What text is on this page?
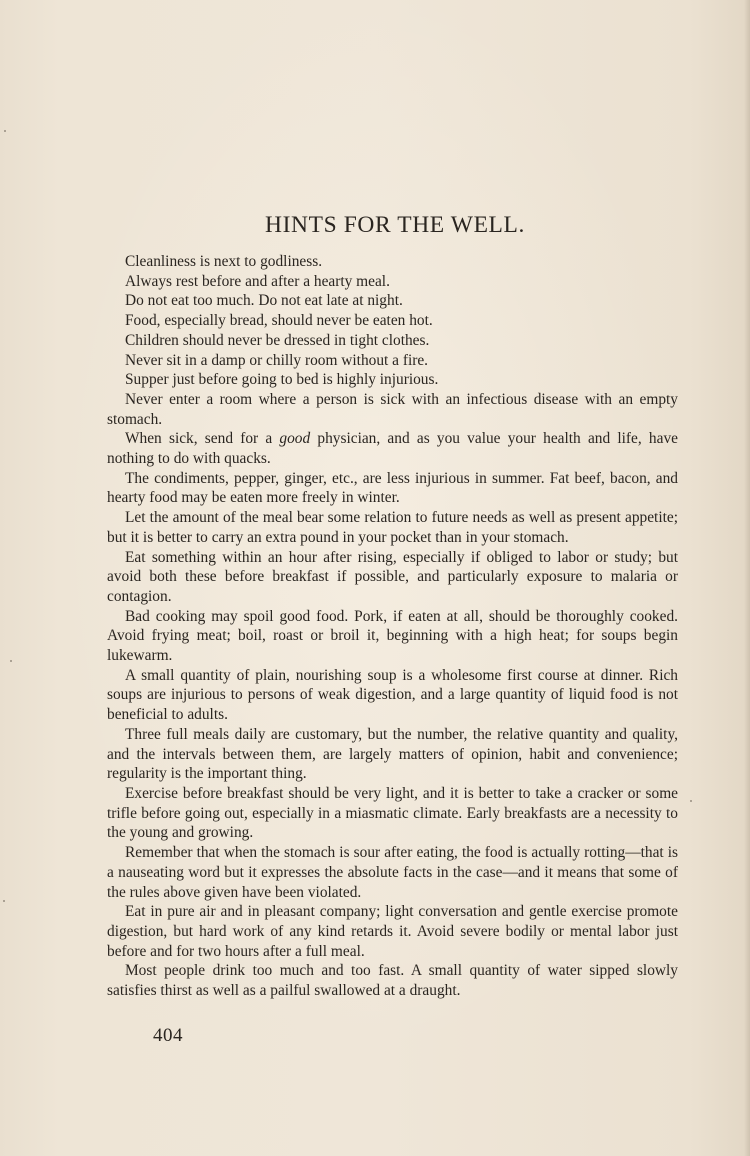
HINTS FOR THE WELL.

Cleanliness is next to godliness.

Always rest before and after a hearty meal.

Do not eat too much. Do not eat late at night.

Food, especially bread, should never be eaten hot.

Children should never be dressed in tight clothes.

Never sit in a damp or chilly room without a fire.

Supper just before going to bed is highly injurious.

Never enter a room where a person is sick with an infectious disease with an empty stomach.

When sick, send for a good physician, and as you value your health and life, have nothing to do with quacks.

The condiments, pepper, ginger, etc., are less injurious in summer. Fat beef, bacon, and hearty food may be eaten more freely in winter.

Let the amount of the meal bear some relation to future needs as well as present appetite; but it is better to carry an extra pound in your pocket than in your stomach.

Eat something within an hour after rising, especially if obliged to labor or study; but avoid both these before breakfast if possible, and particularly exposure to malaria or contagion.

Bad cooking may spoil good food. Pork, if eaten at all, should be thoroughly cooked. Avoid frying meat; boil, roast or broil it, beginning with a high heat; for soups begin lukewarm.

A small quantity of plain, nourishing soup is a wholesome first course at dinner. Rich soups are injurious to persons of weak digestion, and a large quantity of liquid food is not beneficial to adults.

Three full meals daily are customary, but the number, the relative quantity and quality, and the intervals between them, are largely matters of opinion, habit and convenience; regularity is the important thing.

Exercise before breakfast should be very light, and it is better to take a cracker or some trifle before going out, especially in a miasmatic climate. Early breakfasts are a necessity to the young and growing.

Remember that when the stomach is sour after eating, the food is actually rotting—that is a nauseating word but it expresses the absolute facts in the case—and it means that some of the rules above given have been violated.

Eat in pure air and in pleasant company; light conversation and gentle exercise promote digestion, but hard work of any kind retards it. Avoid severe bodily or mental labor just before and for two hours after a full meal.

Most people drink too much and too fast. A small quantity of water sipped slowly satisfies thirst as well as a pailful swallowed at a draught.

404
